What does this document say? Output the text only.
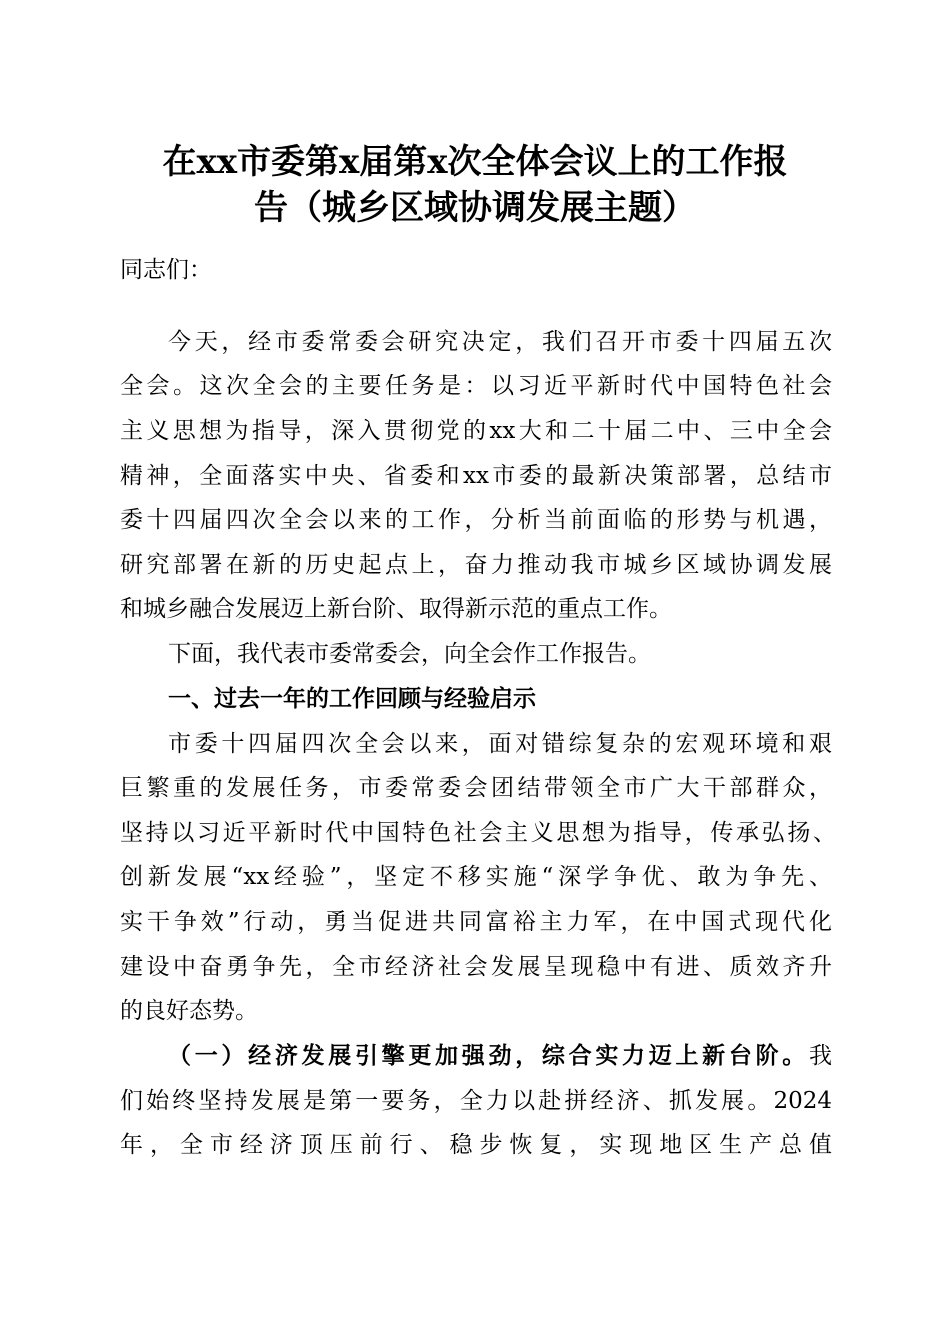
在xx市委第x届第x次全体会议上的工作报
告（城乡区域协调发展主题）
同志们：
今天，经市委常委会研究决定，我们召开市委十四届五次
全会。这次全会的主要任务是：以习近平新时代中国特色社会
主义思想为指导，深入贯彻党的xx大和二十届二中、三中全会
精神，全面落实中央、省委和xx市委的最新决策部署，总结市
委十四届四次全会以来的工作，分析当前面临的形势与机遇，
研究部署在新的历史起点上，奋力推动我市城乡区域协调发展
和城乡融合发展迈上新台阶、取得新示范的重点工作。
下面，我代表市委常委会，向全会作工作报告。
一、过去一年的工作回顾与经验启示
市委十四届四次全会以来，面对错综复杂的宏观环境和艰
巨繁重的发展任务，市委常委会团结带领全市广大干部群众，
坚持以习近平新时代中国特色社会主义思想为指导，传承弘扬、
创新发展“xx经验”，坚定不移实施“深学争优、敢为争先、
实干争效”行动，勇当促进共同富裕主力军，在中国式现代化
建设中奋勇争先，全市经济社会发展呈现稳中有进、质效齐升
的良好态势。
（一）经济发展引擎更加强劲，综合实力迈上新台阶。我
们始终坚持发展是第一要务，全力以赴拼经济、抓发展。2024
年，全市经济顶压前行、稳步恢复，实现地区生产总值
